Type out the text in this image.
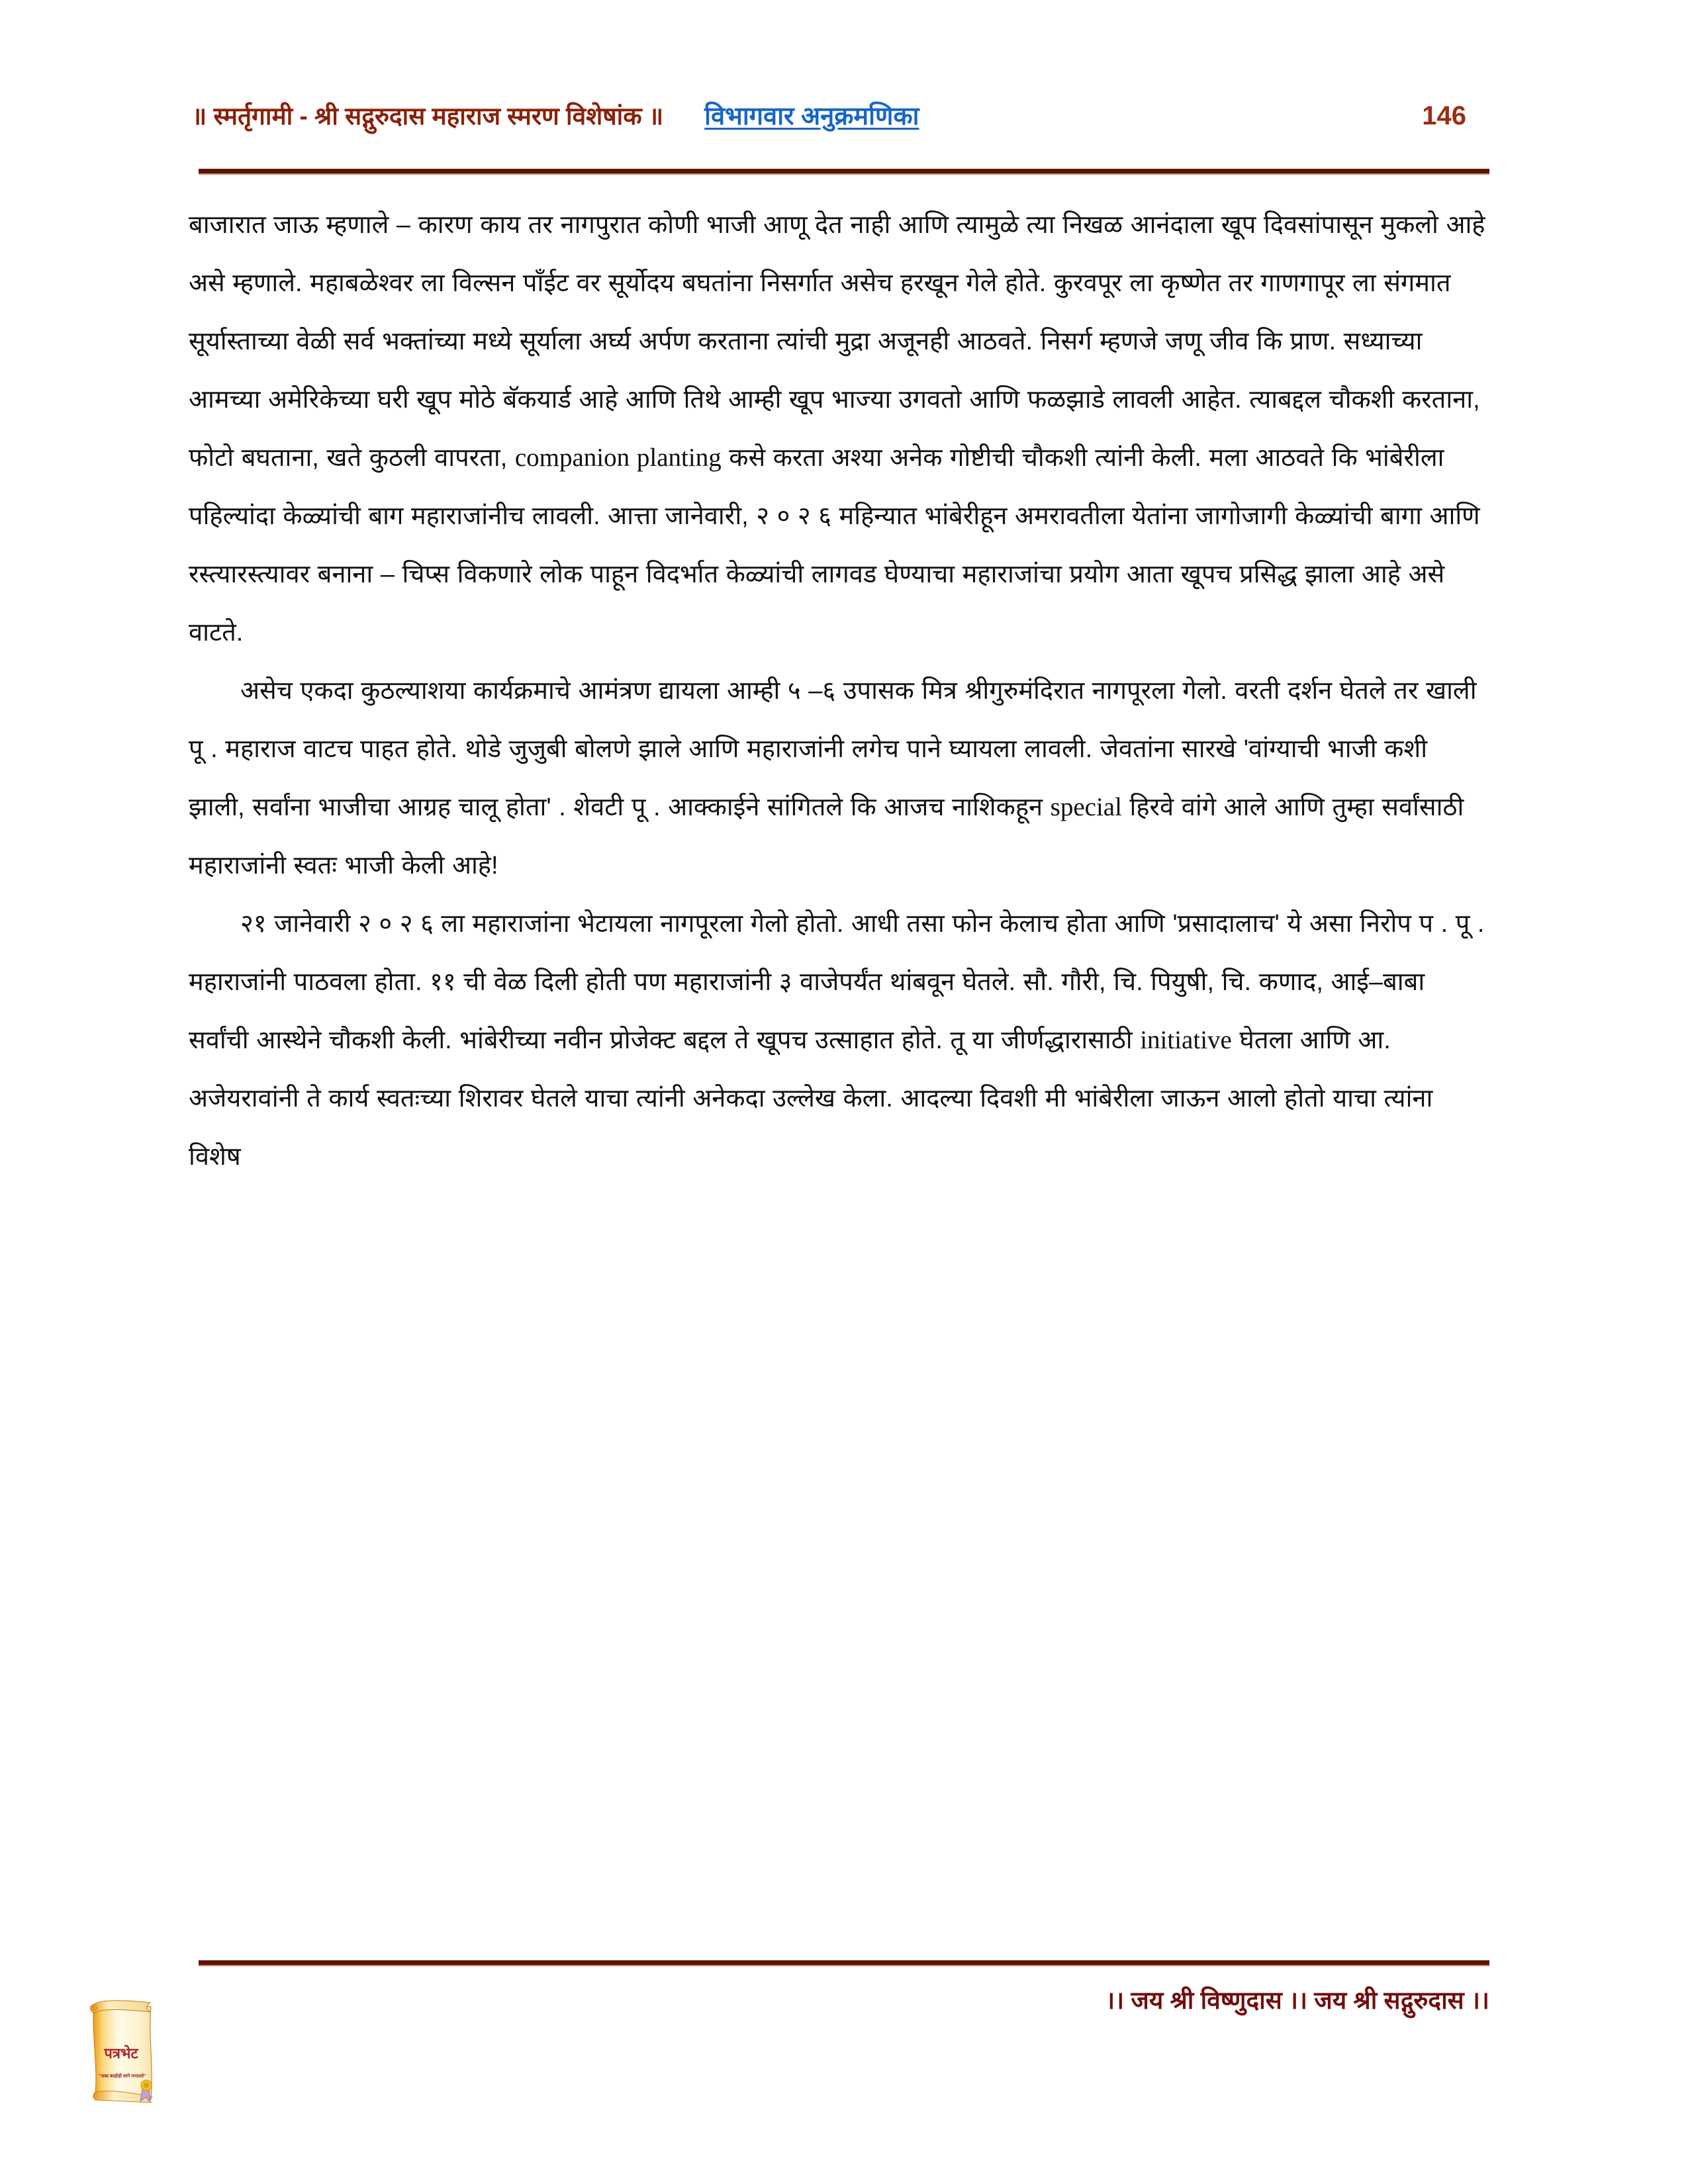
॥ स्मर्तृगामी - श्री सद्गुरुदास महाराज स्मरण विशेषांक ॥ विभागवार अनुक्रमणिका	146

बाजारात जाऊ म्हणाले – कारण काय तर नागपुरात कोणी भाजी आणू देत नाही आणि त्यामुळे त्या निखळ आनंदाला खूप दिवसांपासून मुकलो आहे असे म्हणाले. महाबळेश्वर ला विल्सन पॉंईट वर सूर्योदय बघतांना निसर्गात असेच हरखून गेले होते. कुरवपूर ला कृष्णेत तर गाणगापूर ला संगमात सूर्यास्ताच्या वेळी सर्व भक्तांच्या मध्ये सूर्याला अर्घ्य अर्पण करताना त्यांची मुद्रा अजूनही आठवते. निसर्ग म्हणजे जणू जीव कि प्राण. सध्याच्या आमच्या अमेरिकेच्या घरी खूप मोठे बॅकयार्ड आहे आणि तिथे आम्ही खूप भाज्या उगवतो आणि फळझाडे लावली आहेत. त्याबद्दल चौकशी करताना, फोटो बघताना, खते कुठली वापरता, companion planting कसे करता अश्या अनेक गोष्टीची चौकशी त्यांनी केली. मला आठवते कि भांबेरीला पहिल्यांदा केळ्यांची बाग महाराजांनीच लावली. आत्ता जानेवारी, २ ० २ ६ महिन्यात भांबेरीहून अमरावतीला येतांना जागोजागी केळ्यांची बागा आणि रस्त्यारस्त्यावर बनाना – चिप्स विकणारे लोक पाहून विदर्भात केळ्यांची लागवड घेण्याचा महाराजांचा प्रयोग आता खूपच प्रसिद्ध झाला आहे असे वाटते.

असेच एकदा कुठल्याशया कार्यक्रमाचे आमंत्रण द्यायला आम्ही ५ –६ उपासक मित्र श्रीगुरुमंदिरात नागपूरला गेलो. वरती दर्शन घेतले तर खाली पू . महाराज वाटच पाहत होते. थोडे जुजुबी बोलणे झाले आणि महाराजांनी लगेच पाने घ्यायला लावली. जेवतांना सारखे 'वांग्याची भाजी कशी झाली, सर्वांना भाजीचा आग्रह चालू होता' . शेवटी पू . आक्काईने सांगितले कि आजच नाशिकहून special हिरवे वांगे आले आणि तुम्हा सर्वांसाठी महाराजांनी स्वतः भाजी केली आहे!

२१ जानेवारी २ ० २ ६ ला महाराजांना भेटायला नागपूरला गेलो होतो. आधी तसा फोन केलाच होता आणि 'प्रसादालाच' ये असा निरोप प . पू . महाराजांनी पाठवला होता. ११ ची वेळ दिली होती पण महाराजांनी ३ वाजेपर्यंत थांबवून घेतले. सौ. गौरी, चि. पियुषी, चि. कणाद, आई–बाबा सर्वांची आस्थेने चौकशी केली. भांबेरीच्या नवीन प्रोजेक्ट बद्दल ते खूपच उत्साहात होते. तू या जीर्णद्धारासाठी initiative घेतला आणि आ. अजेयरावांनी ते कार्य स्वतःच्या शिरावर घेतले याचा त्यांनी अनेकदा उल्लेख केला. आदल्या दिवशी मी भांबेरीला जाऊन आलो होतो याचा त्यांना विशेष

।। जय श्री विष्णुदास ।। जय श्री सद्गुरुदास ।।
पत्रभेट
"शब्द काहीही सांगे मनातले"
